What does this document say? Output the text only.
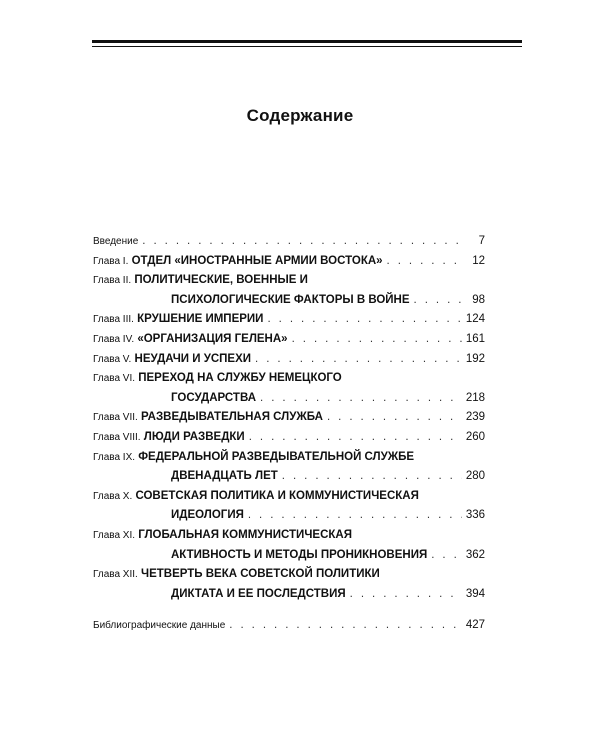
Содержание
Введение . . .	7
Глава I. ОТДЕЛ «ИНОСТРАННЫЕ АРМИИ ВОСТОКА» . . .	12
Глава II. ПОЛИТИЧЕСКИЕ, ВОЕННЫЕ И
ПСИХОЛОГИЧЕСКИЕ ФАКТОРЫ В ВОЙНЕ . . .	98
Глава III. КРУШЕНИЕ ИМПЕРИИ . . .	124
Глава IV. «ОРГАНИЗАЦИЯ ГЕЛЕНА» . . .	161
Глава V. НЕУДАЧИ И УСПЕХИ . . .	192
Глава VI. ПЕРЕХОД НА СЛУЖБУ НЕМЕЦКОГО
ГОСУДАРСТВА . . .	218
Глава VII. РАЗВЕДЫВАТЕЛЬНАЯ СЛУЖБА . . .	239
Глава VIII. ЛЮДИ РАЗВЕДКИ . . .	260
Глава IX. ФЕДЕРАЛЬНОЙ РАЗВЕДЫВАТЕЛЬНОЙ СЛУЖБЕ
ДВЕНАДЦАТЬ ЛЕТ . . .	280
Глава X. СОВЕТСКАЯ ПОЛИТИКА И КОММУНИСТИЧЕСКАЯ
ИДЕОЛОГИЯ . . .	336
Глава XI. ГЛОБАЛЬНАЯ КОММУНИСТИЧЕСКАЯ
АКТИВНОСТЬ И МЕТОДЫ ПРОНИКНОВЕНИЯ . . .	362
Глава XII. ЧЕТВЕРТЬ ВЕКА СОВЕТСКОЙ ПОЛИТИКИ
ДИКТАТА И ЕЕ ПОСЛЕДСТВИЯ . . .	394
Библиографические данные . . .	427
